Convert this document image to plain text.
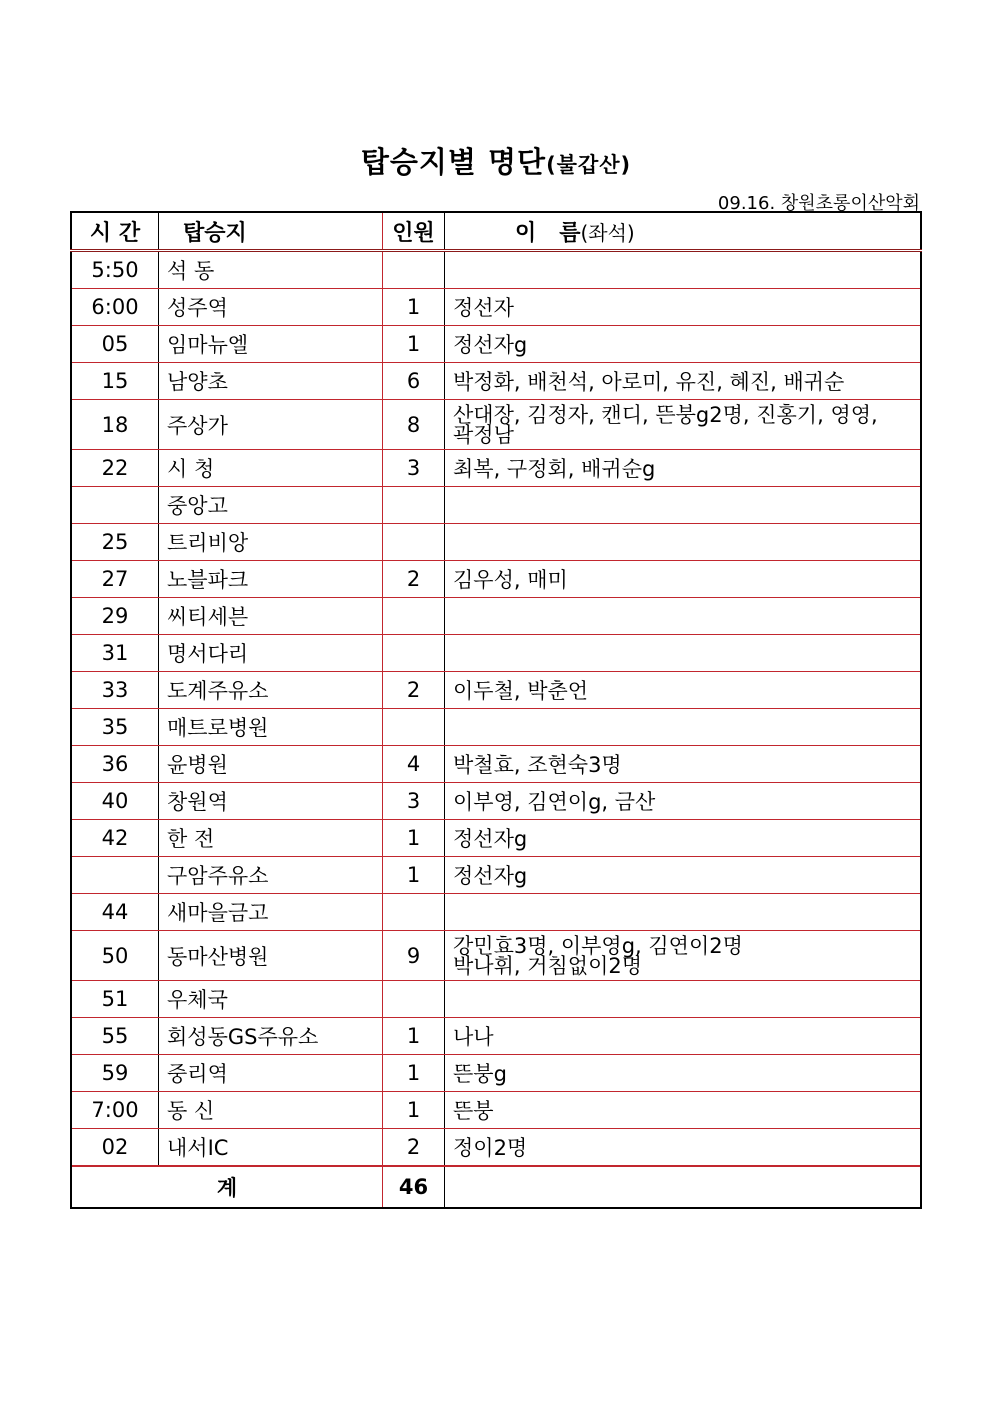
탑승지별 명단(불갑산)
09.16. 창원초롱이산악회
시 간	탑승지	인원	이   름(좌석)
5:50	석 동		

6:00	성주역	1	정선자

05	임마뉴엘	1	정선자g

15	남양초	6	박정화, 배천석, 아로미, 유진, 혜진, 배귀순

18	주상가	8	산대장, 김정자, 캔디, 뜬붕g2명, 진홍기, 영영,
곽정남

22	시 청	3	최복, 구정회, 배귀순g

	중앙고		

25	트리비앙		

27	노블파크	2	김우성, 매미

29	씨티세븐		

31	명서다리		

33	도계주유소	2	이두철, 박춘언

35	매트로병원		

36	윤병원	4	박철효, 조현숙3명

40	창원역	3	이부영, 김연이g, 금산

42	한 전	1	정선자g

	구암주유소	1	정선자g

44	새마을금고		

50	동마산병원	9	강민효3명, 이부영g, 김연이2명
박나휘, 거침없이2명

51	우체국		

55	회성동GS주유소	1	나나

59	중리역	1	뜬붕g

7:00	동 신	1	뜬붕

02	내서IC	2	정이2명

계		46	
